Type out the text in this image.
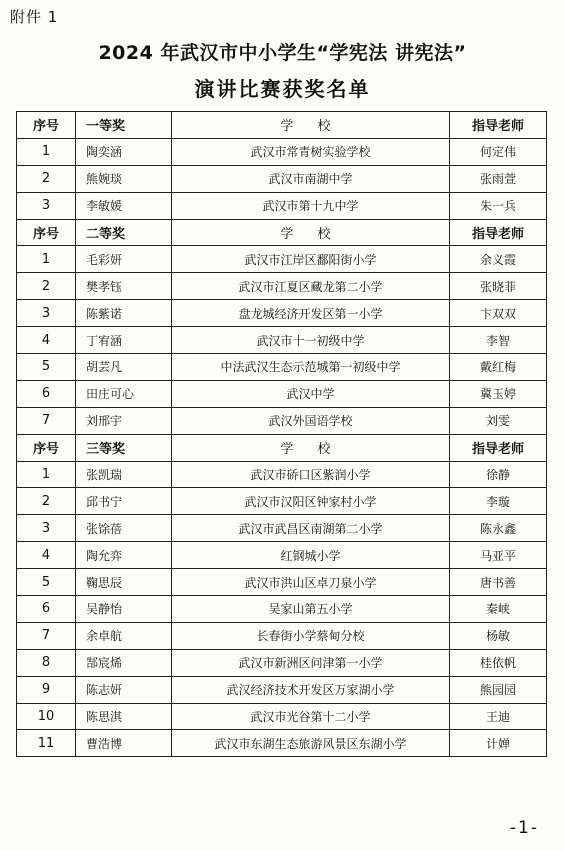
附件 1
2024 年武汉市中小学生“学宪法 讲宪法”
演讲比赛获奖名单
序号	一等奖	学 校	指导老师
1	陶奕涵	武汉市常青树实验学校	何定伟
2	熊婉琰	武汉市南湖中学	张雨萱
3	李敏媛	武汉市第十九中学	朱一兵
序号	二等奖	学 校	指导老师
1	毛彩妍	武汉市江岸区鄱阳街小学	余义霞
2	樊孝钰	武汉市江夏区藏龙第二小学	张晓菲
3	陈紫诺	盘龙城经济开发区第一小学	卞双双
4	丁宥涵	武汉市十一初级中学	李智
5	胡芸凡	中法武汉生态示范城第一初级中学	戴红梅
6	田庄可心	武汉中学	冀玉婷
7	刘邢宇	武汉外国语学校	刘雯
序号	三等奖	学 校	指导老师
1	张凯瑞	武汉市硚口区紫润小学	徐静
2	邱书宁	武汉市汉阳区钟家村小学	李璇
3	张馀蓓	武汉市武昌区南湖第二小学	陈永鑫
4	陶允弈	红钢城小学	马亚平
5	鞠思辰	武汉市洪山区卓刀泉小学	唐书善
6	吴静怡	吴家山第五小学	秦峡
7	余卓航	长春街小学蔡甸分校	杨敏
8	郜宸烯	武汉市新洲区问津第一小学	桂依帆
9	陈志妍	武汉经济技术开发区万家湖小学	熊园园
10	陈思淇	武汉市光谷第十二小学	王迪
11	曹浩博	武汉市东湖生态旅游风景区东湖小学	计婵
-1-
